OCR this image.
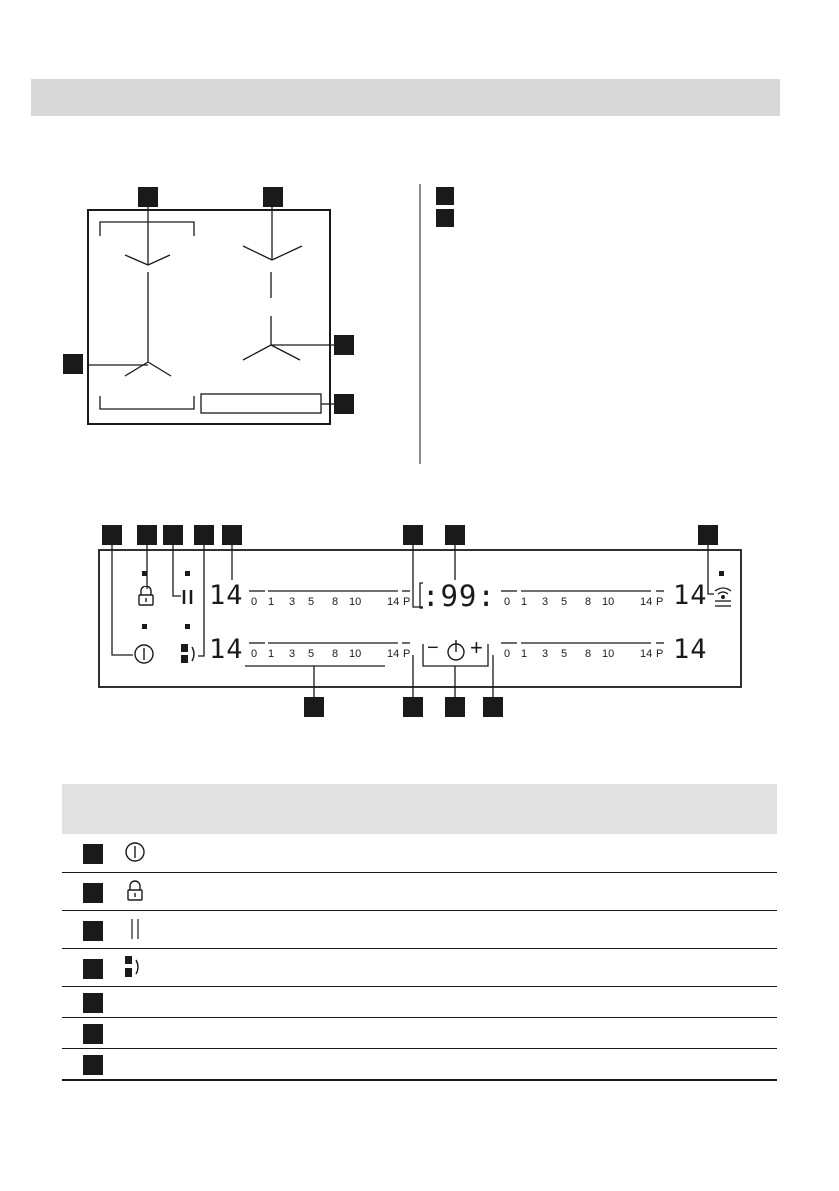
14
14
14
14
:99:
− +
0 1 3 5 8 10 14 P	0 1 3 5 8 10 14 P
0 1 3 5 8 10 14 P	0 1 3 5 8 10 14 P
